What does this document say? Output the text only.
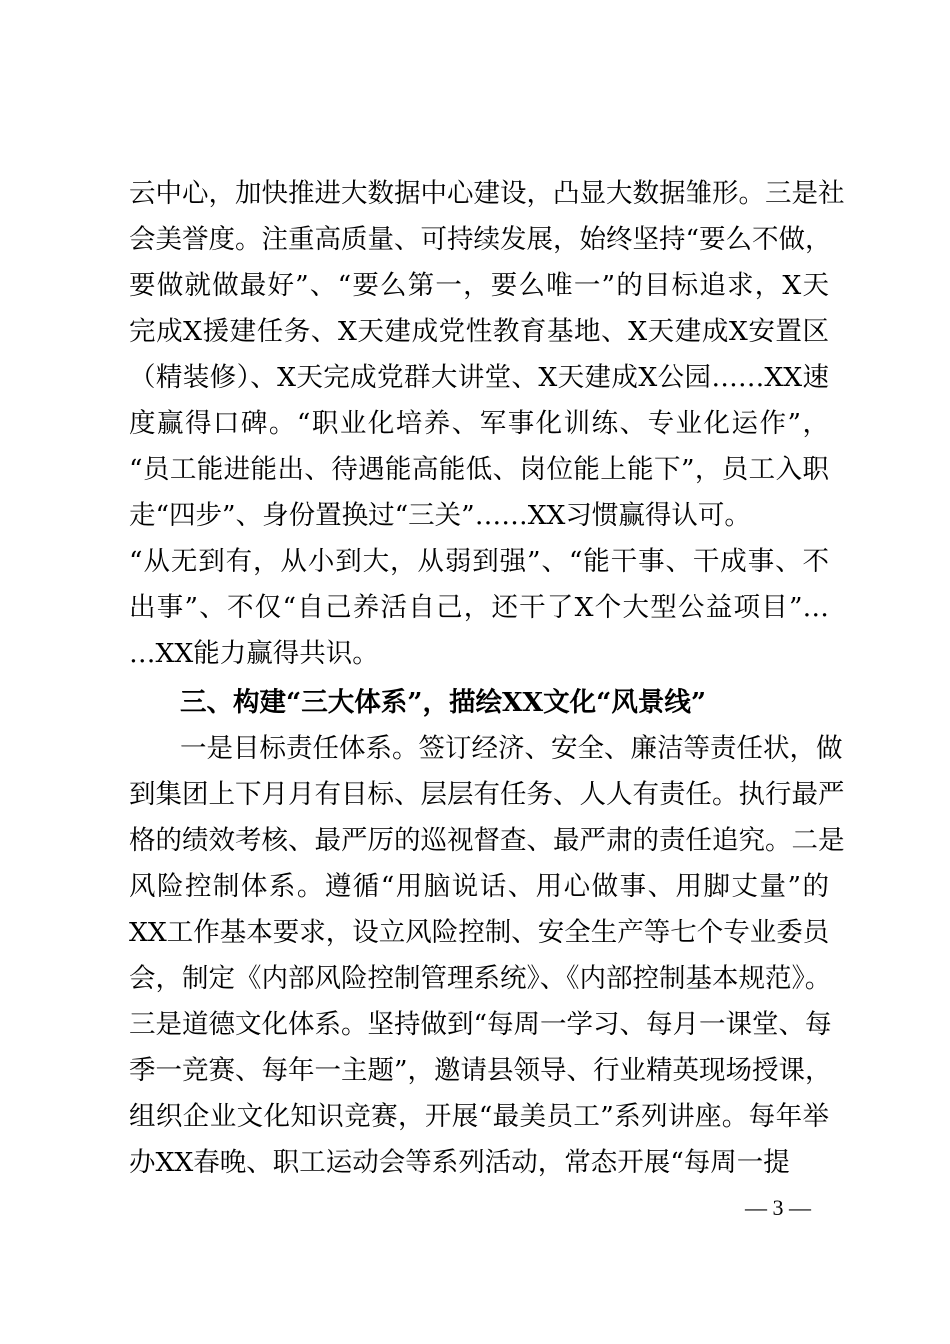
云中心，加快推进大数据中心建设，凸显大数据雏形。三是社
会美誉度。注重高质量、可持续发展，始终坚持“要么不做，
要做就做最好”、“要么第一，要么唯一”的目标追求，X天
完成X援建任务、X天建成党性教育基地、X天建成X安置区
（精装修）、X天完成党群大讲堂、X天建成X公园……XX速
度赢得口碑。“职业化培养、军事化训练、专业化运作”，
“员工能进能出、待遇能高能低、岗位能上能下”，员工入职
走“四步”、身份置换过“三关”……XX习惯赢得认可。
“从无到有，从小到大，从弱到强”、“能干事、干成事、不
出事”、不仅“自己养活自己，还干了X个大型公益项目”…
…XX能力赢得共识。
三、构建“三大体系”，描绘XX文化“风景线”
一是目标责任体系。签订经济、安全、廉洁等责任状，做
到集团上下月月有目标、层层有任务、人人有责任。执行最严
格的绩效考核、最严厉的巡视督查、最严肃的责任追究。二是
风险控制体系。遵循“用脑说话、用心做事、用脚丈量”的
XX工作基本要求，设立风险控制、安全生产等七个专业委员
会，制定《内部风险控制管理系统》、《内部控制基本规范》。
三是道德文化体系。坚持做到“每周一学习、每月一课堂、每
季一竞赛、每年一主题”，邀请县领导、行业精英现场授课，
组织企业文化知识竞赛，开展“最美员工”系列讲座。每年举
办XX春晚、职工运动会等系列活动，常态开展“每周一提
— 3 —
